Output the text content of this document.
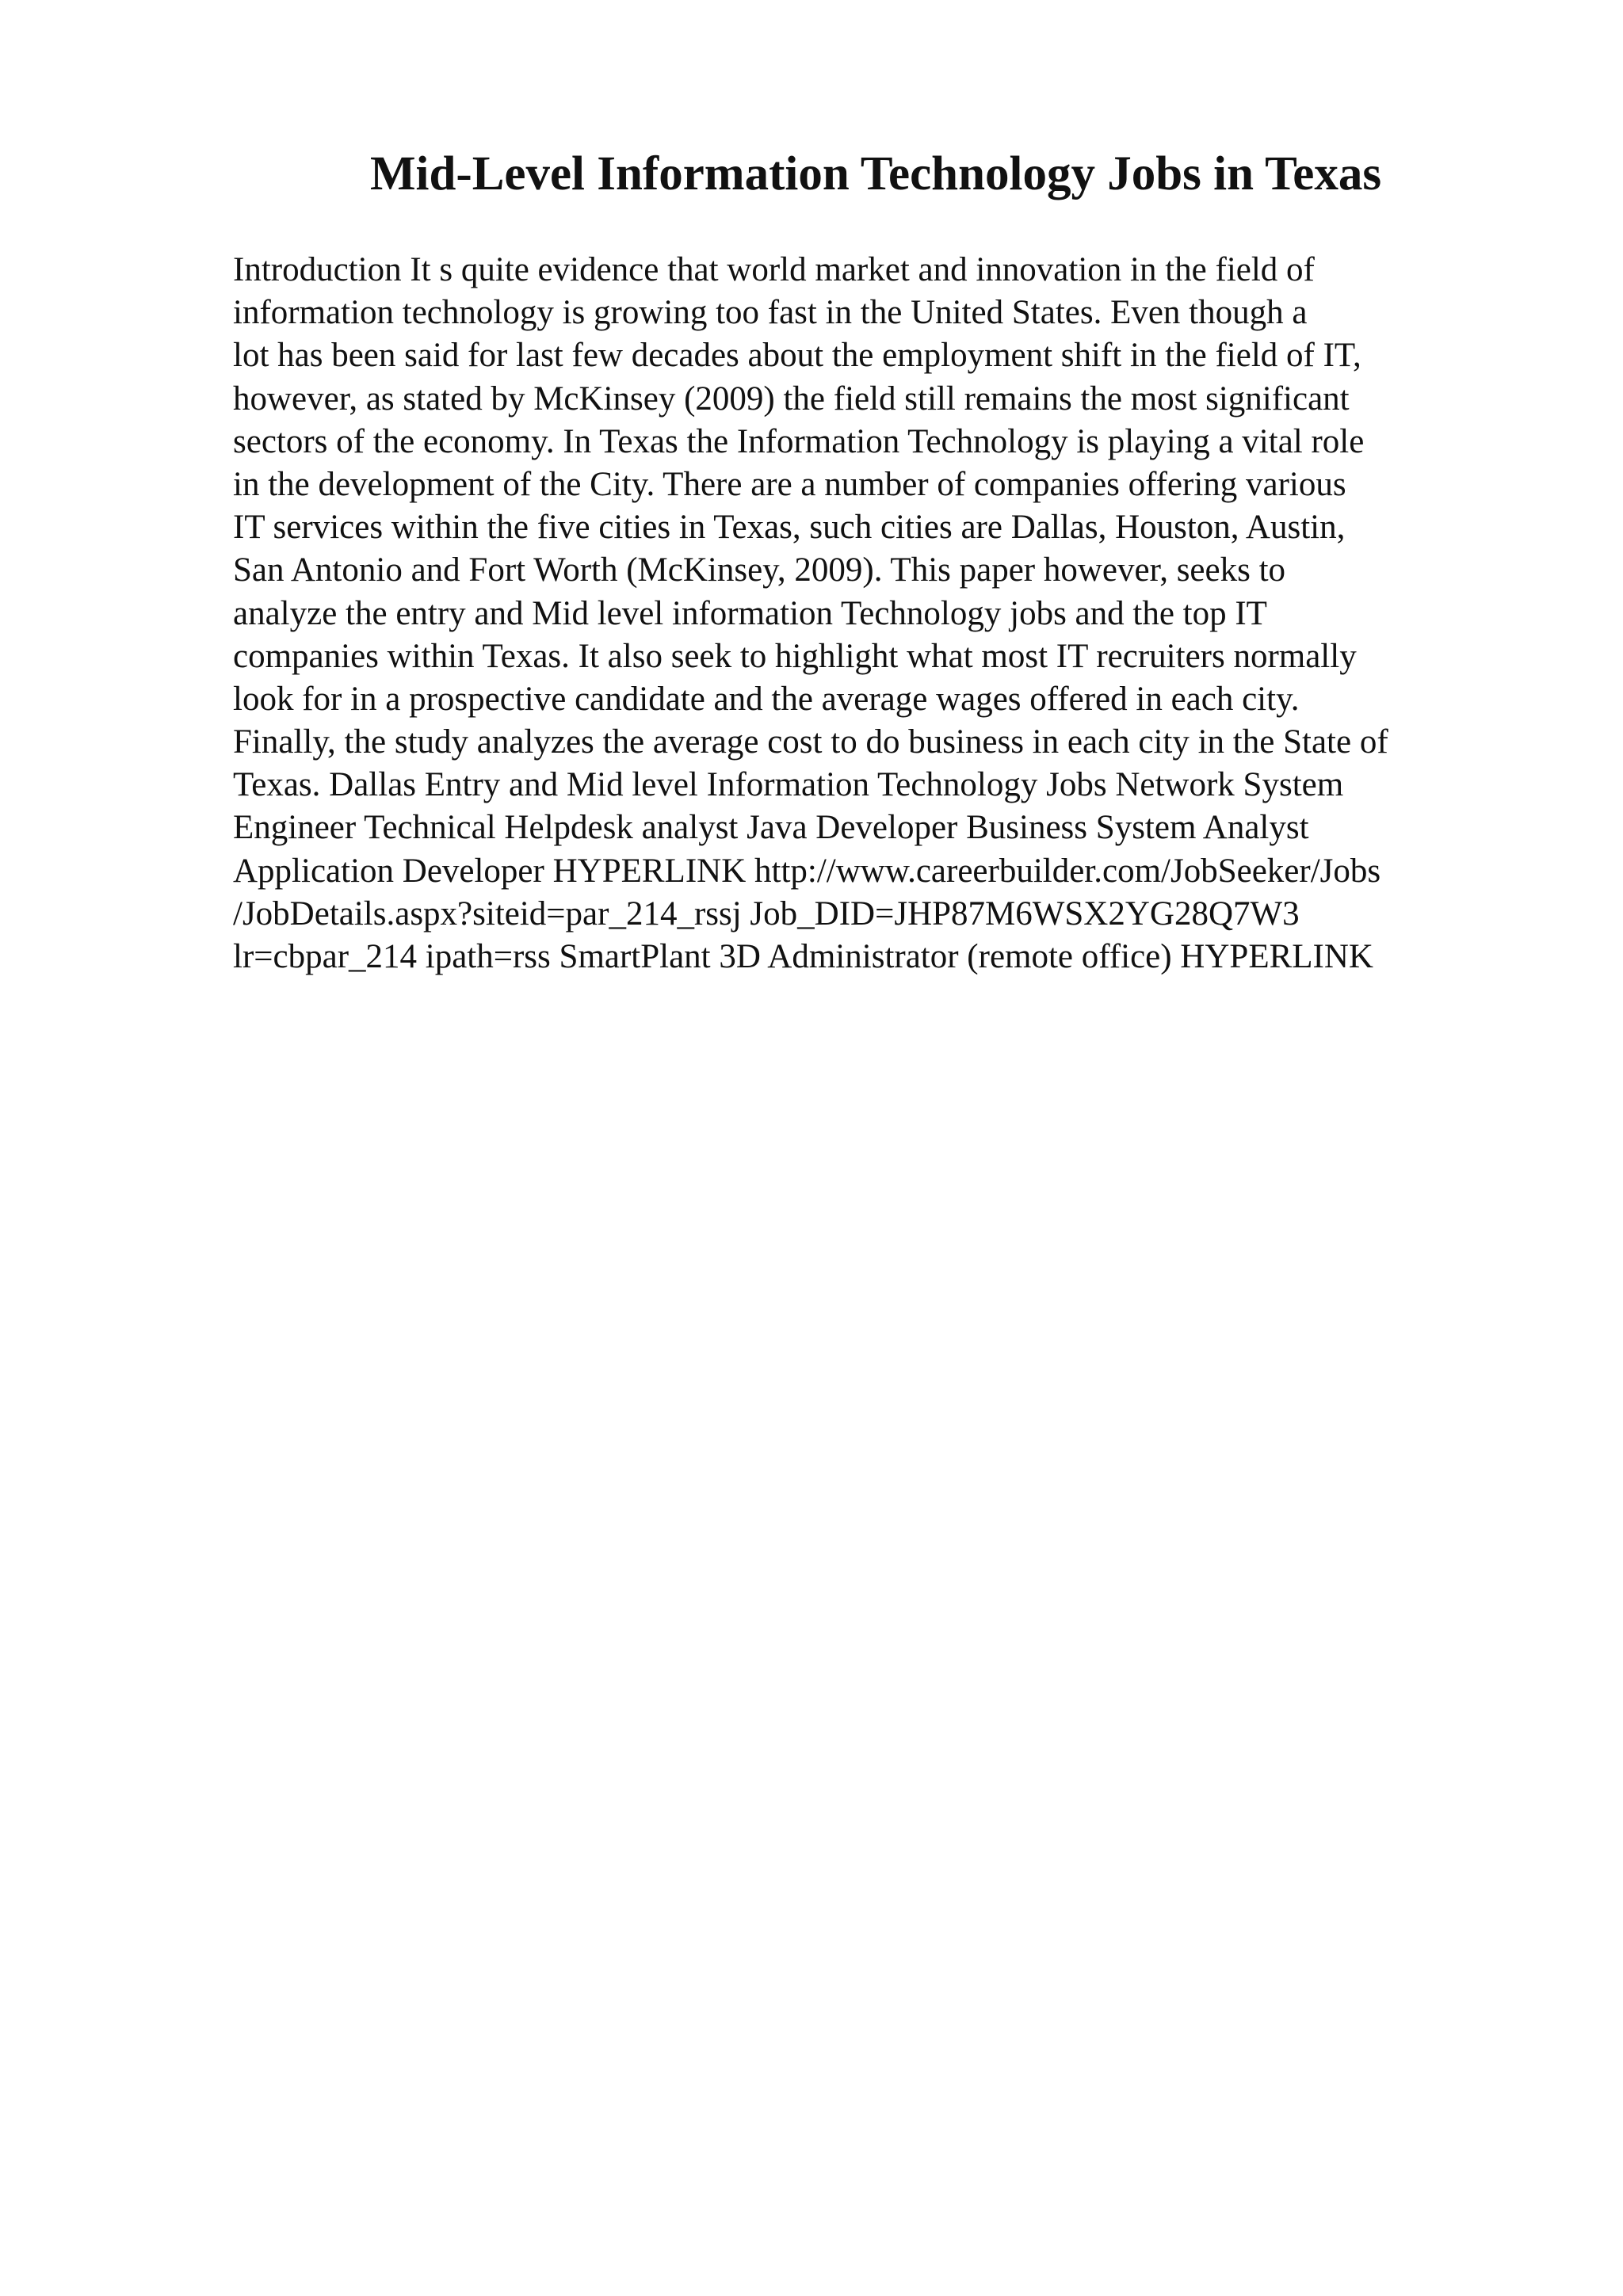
Mid-Level Information Technology Jobs in Texas
Introduction It s quite evidence that world market and innovation in the field of
information technology is growing too fast in the United States. Even though a
lot has been said for last few decades about the employment shift in the field of IT,
however, as stated by McKinsey (2009) the field still remains the most significant
sectors of the economy. In Texas the Information Technology is playing a vital role
in the development of the City. There are a number of companies offering various
IT services within the five cities in Texas, such cities are Dallas, Houston, Austin,
San Antonio and Fort Worth (McKinsey, 2009). This paper however, seeks to
analyze the entry and Mid level information Technology jobs and the top IT
companies within Texas. It also seek to highlight what most IT recruiters normally
look for in a prospective candidate and the average wages offered in each city.
Finally, the study analyzes the average cost to do business in each city in the State of
Texas. Dallas Entry and Mid level Information Technology Jobs Network System
Engineer Technical Helpdesk analyst Java Developer Business System Analyst
Application Developer HYPERLINK http://www.careerbuilder.com/JobSeeker/Jobs
/JobDetails.aspx?siteid=par_214_rssj Job_DID=JHP87M6WSX2YG28Q7W3
lr=cbpar_214 ipath=rss SmartPlant 3D Administrator (remote office) HYPERLINK
